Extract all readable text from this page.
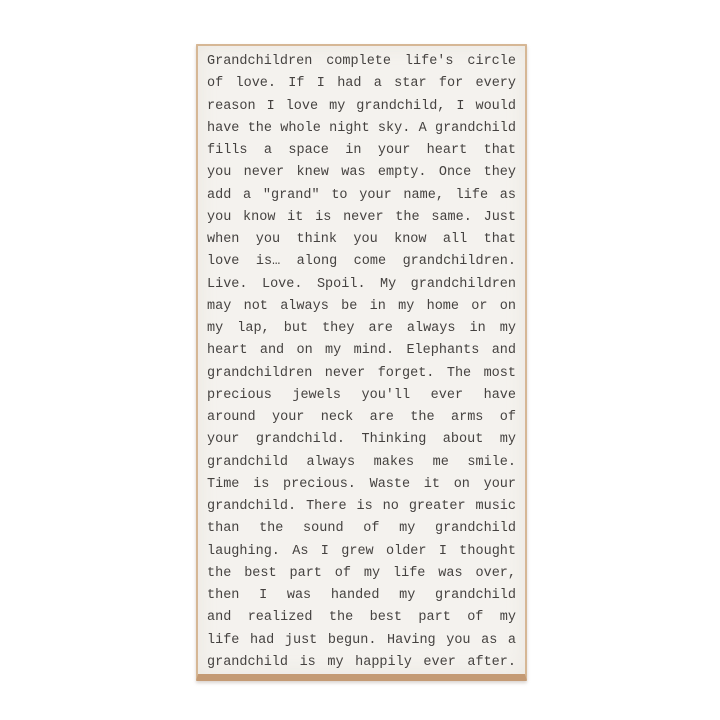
Grandchildren complete life's circle
of love. If I had a star for every
reason I love my grandchild, I would
have the whole night sky. A grandchild
fills a space in your heart that
you never knew was empty. Once they
add a "grand" to your name, life as
you know it is never the same. Just
when you think you know all that
love is… along come grandchildren.
Live. Love. Spoil. My grandchildren
may not always be in my home or on
my lap, but they are always in my
heart and on my mind. Elephants and
grandchildren never forget. The most
precious jewels you'll ever have
around your neck are the arms of
your grandchild. Thinking about my
grandchild always makes me smile.
Time is precious. Waste it on your
grandchild. There is no greater music
than the sound of my grandchild
laughing. As I grew older I thought
the best part of my life was over,
then I was handed my grandchild
and realized the best part of my
life had just begun. Having you as a
grandchild is my happily ever after.
